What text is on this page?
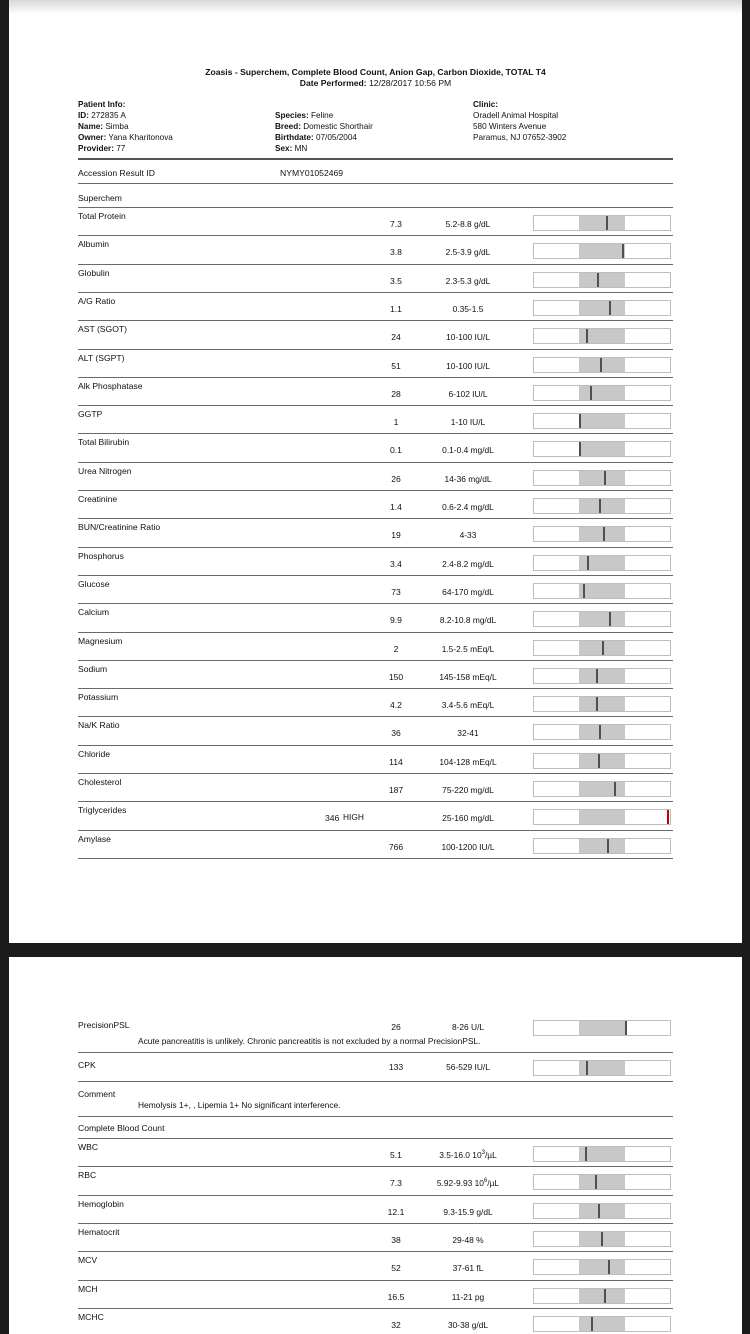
Zoasis - Superchem, Complete Blood Count, Anion Gap, Carbon Dioxide, TOTAL T4
Date Performed: 12/28/2017 10:56 PM
Patient Info:
ID: 272835 A
Name: Simba
Owner: Yana Kharitonova
Provider: 77
Species: Feline
Breed: Domestic Shorthair
Birthdate: 07/05/2004
Sex: MN
Clinic:
Oradell Animal Hospital
580 Winters Avenue
Paramus, NJ 07652-3902
Accession Result ID	NYMY01052469
Superchem
Total Protein
7.3	5.2-8.8 g/dL
Albumin
3.8	2.5-3.9 g/dL
Globulin
3.5	2.3-5.3 g/dL
A/G Ratio
1.1	0.35-1.5
AST (SGOT)
24	10-100 IU/L
ALT (SGPT)
51	10-100 IU/L
Alk Phosphatase
28	6-102 IU/L
GGTP
1	1-10 IU/L
Total Bilirubin
0.1	0.1-0.4 mg/dL
Urea Nitrogen
26	14-36 mg/dL
Creatinine
1.4	0.6-2.4 mg/dL
BUN/Creatinine Ratio
19	4-33
Phosphorus
3.4	2.4-8.2 mg/dL
Glucose
73	64-170 mg/dL
Calcium
9.9	8.2-10.8 mg/dL
Magnesium
2	1.5-2.5 mEq/L
Sodium
150	145-158 mEq/L
Potassium
4.2	3.4-5.6 mEq/L
Na/K Ratio
36	32-41
Chloride
114	104-128 mEq/L
Cholesterol
187	75-220 mg/dL
Triglycerides
346 HIGH	25-160 mg/dL
Amylase
766	100-1200 IU/L
PrecisionPSL	26	8-26 U/L
Acute pancreatitis is unlikely. Chronic pancreatitis is not excluded by a normal PrecisionPSL.
CPK	133	56-529 IU/L
Comment
Hemolysis 1+, , Lipemia 1+ No significant interference.
Complete Blood Count
WBC
5.1	3.5-16.0 $10^3/\mu L$
RBC
7.3	5.92-9.93 $10^6/\mu L$
Hemoglobin
12.1	9.3-15.9 g/dL
Hematocrit
38	29-48 %
MCV
52	37-61 fL
MCH
16.5	11-21 pg
MCHC
32	30-38 g/dL
